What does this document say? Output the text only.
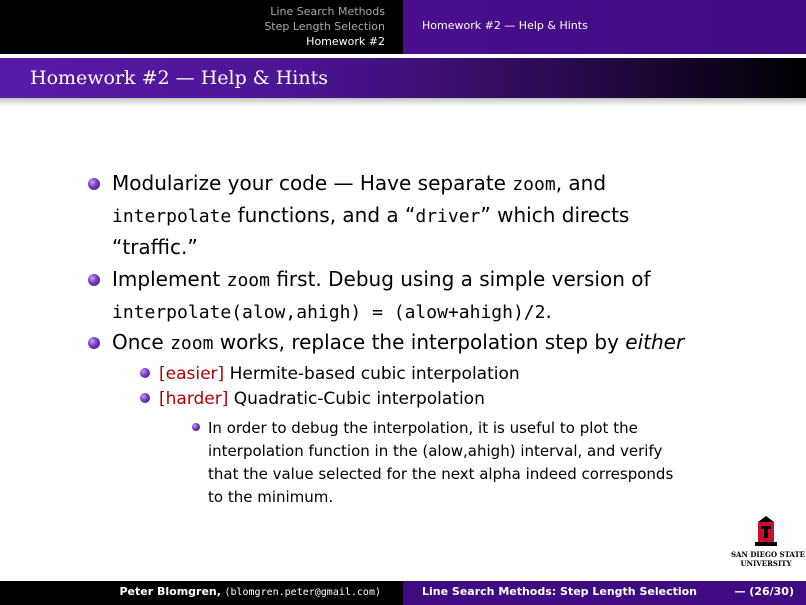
Line Search Methods
Step Length Selection
Homework #2
Homework #2 — Help & Hints
Homework #2 — Help & Hints
Modularize your code — Have separate zoom, and
interpolate functions, and a “driver” which directs
“traffic.”
Implement zoom first. Debug using a simple version of
interpolate(alow,ahigh) = (alow+ahigh)/2.
Once zoom works, replace the interpolation step by either
[easier] Hermite-based cubic interpolation
[harder] Quadratic-Cubic interpolation
In order to debug the interpolation, it is useful to plot the
interpolation function in the (alow,ahigh) interval, and verify
that the value selected for the next alpha indeed corresponds
to the minimum.
SAN DIEGO STATE
UNIVERSITY
Peter Blomgren, ⟨blomgren.peter@gmail.com⟩	Line Search Methods: Step Length Selection	— (26/30)
